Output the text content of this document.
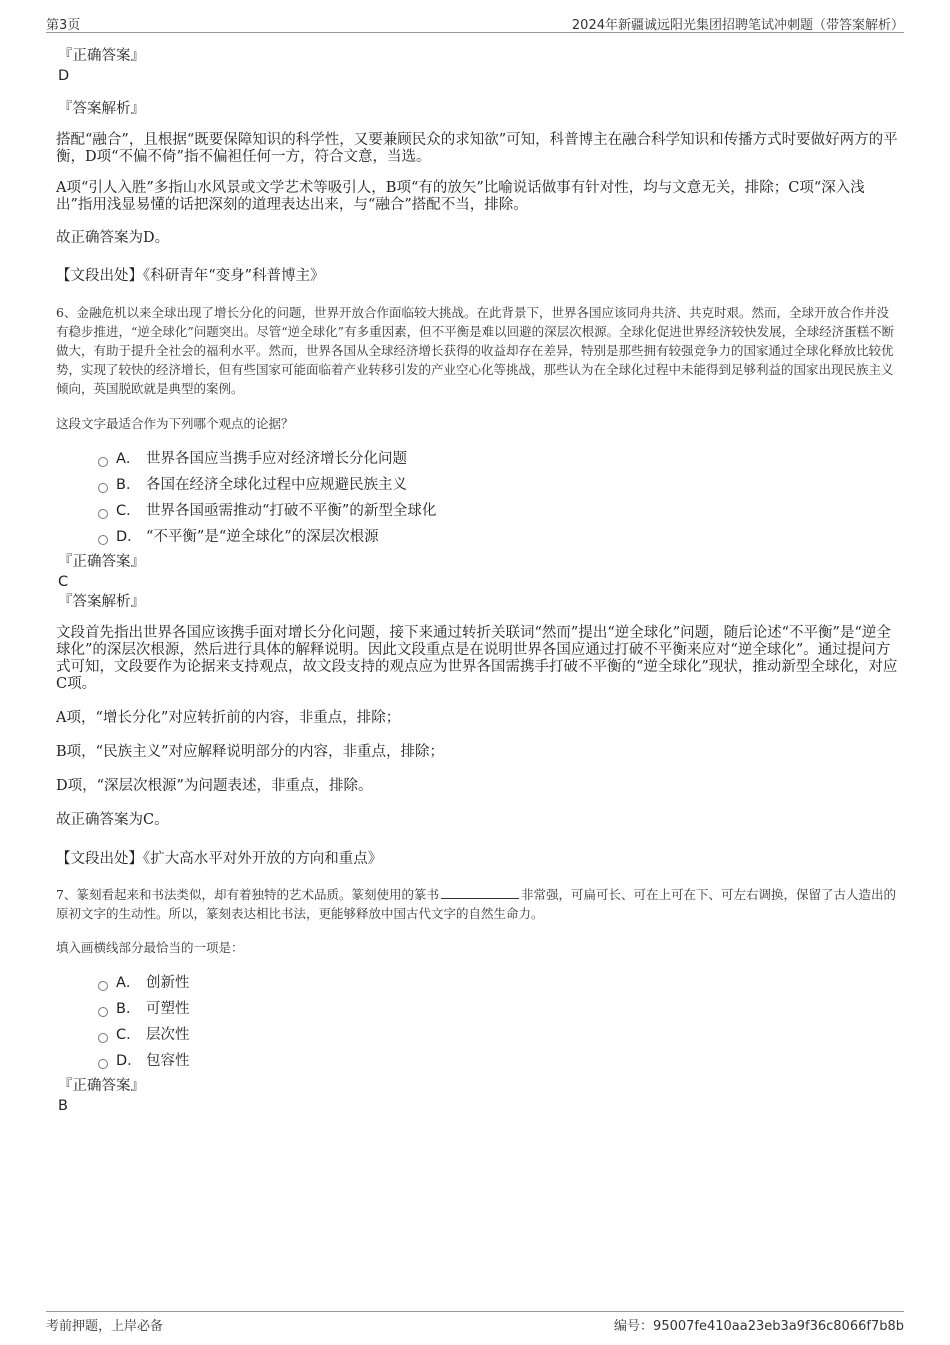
第3页	2024年新疆诚远阳光集团招聘笔试冲刺题（带答案解析）
『正确答案』
D
『答案解析』

搭配“融合”，且根据“既要保障知识的科学性，又要兼顾民众的求知欲”可知，科普博主在融合科学知识和传播方式时要做好两方的平衡，D项“不偏不倚”指不偏袒任何一方，符合文意，当选。

A项“引人入胜”多指山水风景或文学艺术等吸引人，B项“有的放矢”比喻说话做事有针对性，均与文意无关，排除；C项“深入浅出”指用浅显易懂的话把深刻的道理表达出来，与“融合”搭配不当，排除。

故正确答案为D。

【文段出处】《科研青年“变身”科普博主》

6、金融危机以来全球出现了增长分化的问题，世界开放合作面临较大挑战。在此背景下，世界各国应该同舟共济、共克时艰。然而，全球开放合作并没有稳步推进，“逆全球化”问题突出。尽管“逆全球化”有多重因素，但不平衡是难以回避的深层次根源。全球化促进世界经济较快发展，全球经济蛋糕不断做大，有助于提升全社会的福利水平。然而，世界各国从全球经济增长获得的收益却存在差异，特别是那些拥有较强竞争力的国家通过全球化释放比较优势，实现了较快的经济增长，但有些国家可能面临着产业转移引发的产业空心化等挑战，那些认为在全球化过程中未能得到足够利益的国家出现民族主义倾向，英国脱欧就是典型的案例。

这段文字最适合作为下列哪个观点的论据？

A． 世界各国应当携手应对经济增长分化问题
B． 各国在经济全球化过程中应规避民族主义
C． 世界各国亟需推动“打破不平衡”的新型全球化
D． “不平衡”是“逆全球化”的深层次根源
『正确答案』
C
『答案解析』

文段首先指出世界各国应该携手面对增长分化问题，接下来通过转折关联词“然而”提出“逆全球化”问题，随后论述“不平衡”是“逆全球化”的深层次根源，然后进行具体的解释说明。因此文段重点是在说明世界各国应通过打破不平衡来应对“逆全球化”。通过提问方式可知，文段要作为论据来支持观点，故文段支持的观点应为世界各国需携手打破不平衡的“逆全球化”现状，推动新型全球化，对应C项。

A项，“增长分化”对应转折前的内容，非重点，排除；

B项，“民族主义”对应解释说明部分的内容，非重点，排除；

D项，“深层次根源”为问题表述，非重点，排除。

故正确答案为C。

【文段出处】《扩大高水平对外开放的方向和重点》

7、篆刻看起来和书法类似，却有着独特的艺术品质。篆刻使用的篆书	非常强，可扁可长、可在上可在下、可左右调换，保留了古人造出的原初文字的生动性。所以，篆刻表达相比书法，更能够释放中国古代文字的自然生命力。

填入画横线部分最恰当的一项是：

A． 创新性
B． 可塑性
C． 层次性
D． 包容性
『正确答案』
B
考前押题，上岸必备	编号：95007fe410aa23eb3a9f36c8066f7b8b
